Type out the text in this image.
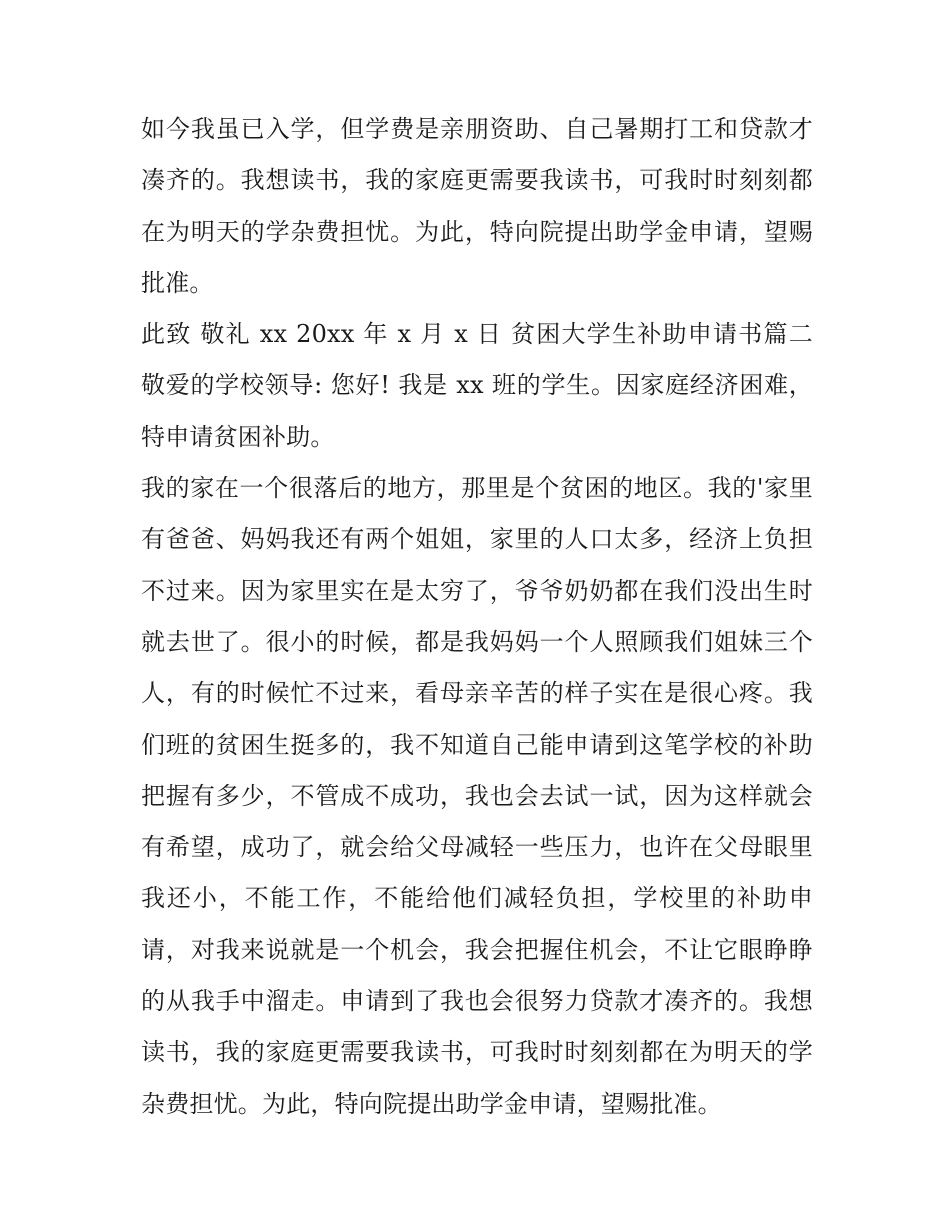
如今我虽已入学，但学费是亲朋资助、自己暑期打工和贷款才凑齐的。我想读书，我的家庭更需要我读书，可我时时刻刻都在为明天的学杂费担忧。为此，特向院提出助学金申请，望赐批准。

此致 敬礼 xx 20xx 年 x 月 x 日 贫困大学生补助申请书篇二 敬爱的学校领导: 您好! 我是 xx 班的学生。因家庭经济困难，特申请贫困补助。

我的家在一个很落后的地方，那里是个贫困的地区。我的'家里有爸爸、妈妈我还有两个姐姐，家里的人口太多，经济上负担不过来。因为家里实在是太穷了，爷爷奶奶都在我们没出生时就去世了。很小的时候，都是我妈妈一个人照顾我们姐妹三个人，有的时候忙不过来，看母亲辛苦的样子实在是很心疼。我们班的贫困生挺多的，我不知道自己能申请到这笔学校的补助把握有多少，不管成不成功，我也会去试一试，因为这样就会有希望，成功了，就会给父母减轻一些压力，也许在父母眼里我还小，不能工作，不能给他们减轻负担，学校里的补助申请，对我来说就是一个机会，我会把握住机会，不让它眼睁睁的从我手中溜走。申请到了我也会很努力贷款才凑齐的。我想读书，我的家庭更需要我读书，可我时时刻刻都在为明天的学杂费担忧。为此，特向院提出助学金申请，望赐批准。
